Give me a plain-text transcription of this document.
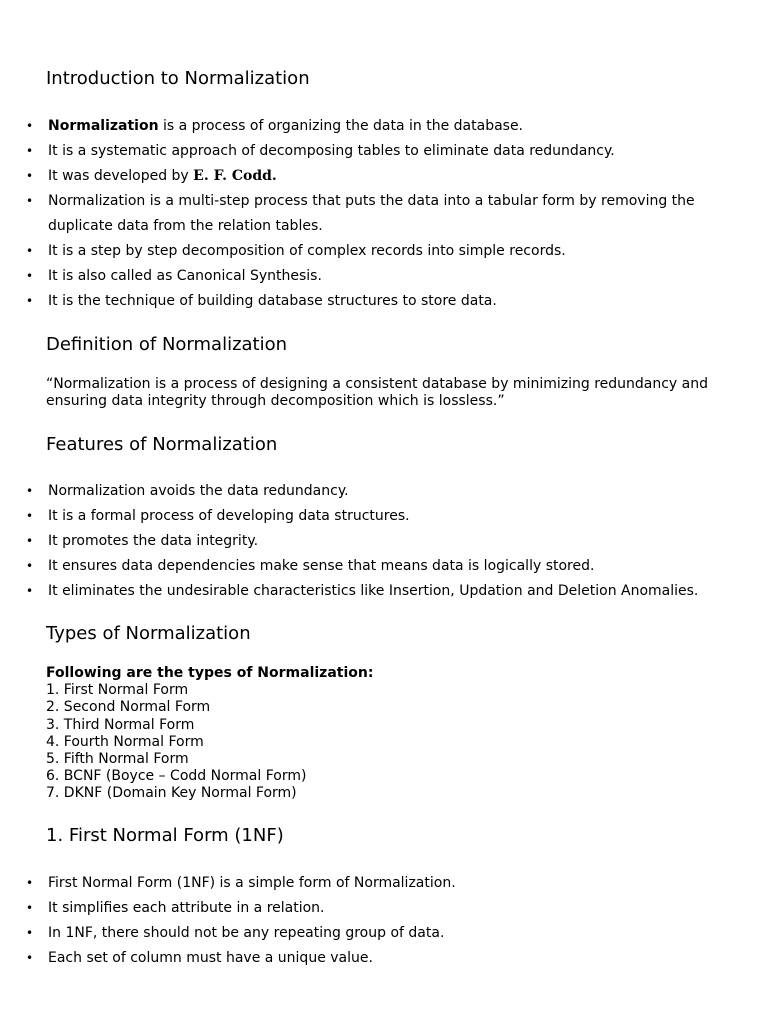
Introduction to Normalization
• Normalization is a process of organizing the data in the database.
• It is a systematic approach of decomposing tables to eliminate data redundancy.
• It was developed by E. F. Codd.
• Normalization is a multi-step process that puts the data into a tabular form by removing the duplicate data from the relation tables.
• It is a step by step decomposition of complex records into simple records.
• It is also called as Canonical Synthesis.
• It is the technique of building database structures to store data.
Definition of Normalization
“Normalization is a process of designing a consistent database by minimizing redundancy and ensuring data integrity through decomposition which is lossless.”
Features of Normalization
• Normalization avoids the data redundancy.
• It is a formal process of developing data structures.
• It promotes the data integrity.
• It ensures data dependencies make sense that means data is logically stored.
• It eliminates the undesirable characteristics like Insertion, Updation and Deletion Anomalies.
Types of Normalization
Following are the types of Normalization:
1. First Normal Form
2. Second Normal Form
3. Third Normal Form
4. Fourth Normal Form
5. Fifth Normal Form
6. BCNF (Boyce – Codd Normal Form)
7. DKNF (Domain Key Normal Form)
1. First Normal Form (1NF)
• First Normal Form (1NF) is a simple form of Normalization.
• It simplifies each attribute in a relation.
• In 1NF, there should not be any repeating group of data.
• Each set of column must have a unique value.
